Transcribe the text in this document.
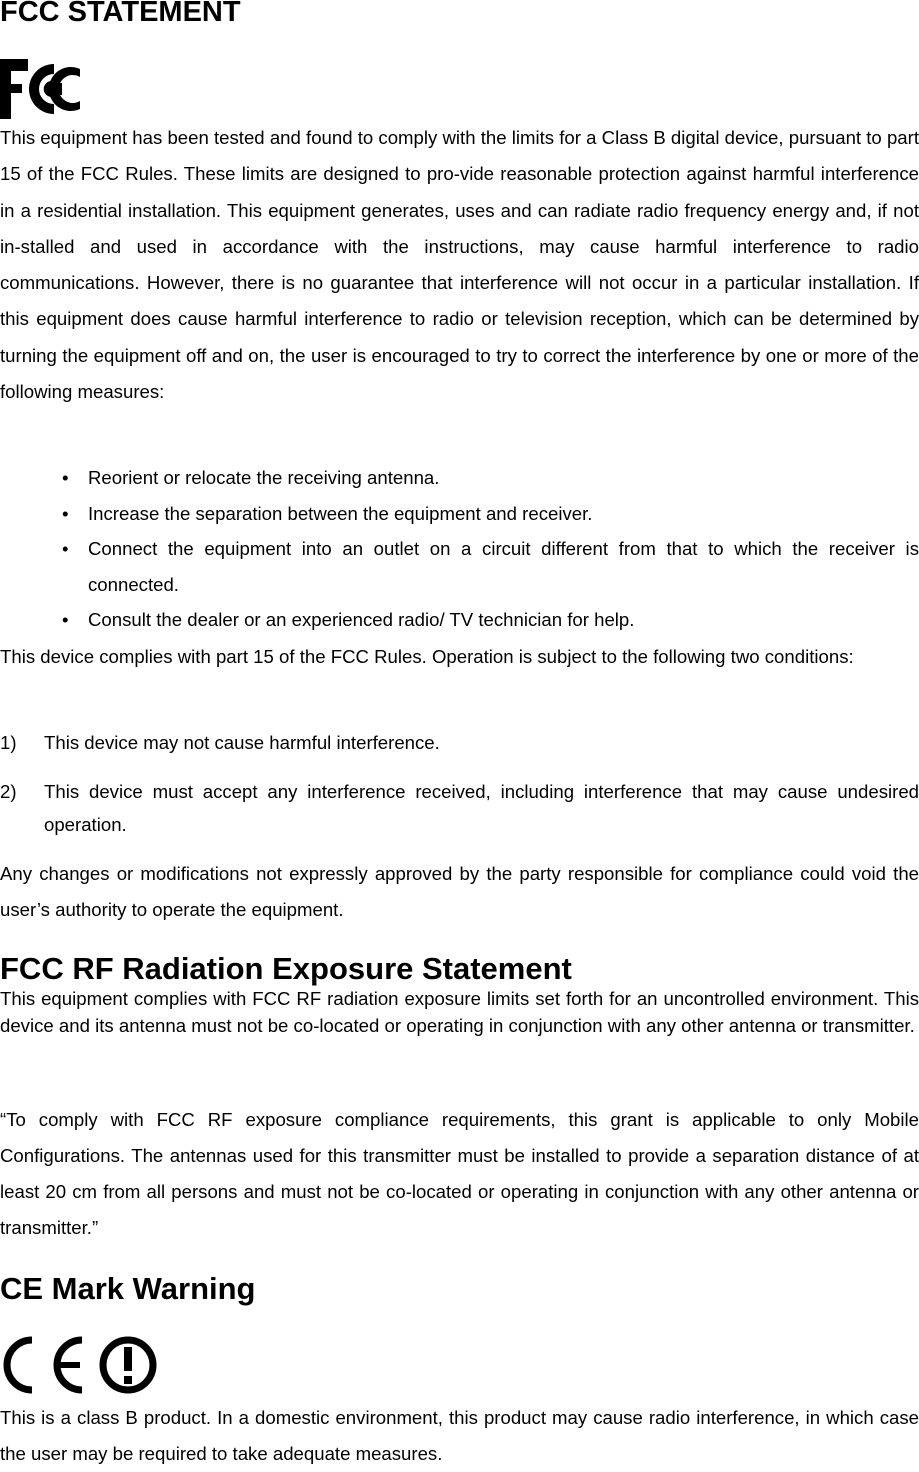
FCC STATEMENT

This equipment has been tested and found to comply with the limits for a Class B digital device, pursuant to part 15 of the FCC Rules. These limits are designed to pro-vide reasonable protection against harmful interference in a residential installation. This equipment generates, uses and can radiate radio frequency energy and, if not in-stalled and used in accordance with the instructions, may cause harmful interference to radio communications. However, there is no guarantee that interference will not occur in a particular installation. If this equipment does cause harmful interference to radio or television reception, which can be determined by turning the equipment off and on, the user is encouraged to try to correct the interference by one or more of the following measures:

• Reorient or relocate the receiving antenna.
• Increase the separation between the equipment and receiver.
• Connect the equipment into an outlet on a circuit different from that to which the receiver is connected.
• Consult the dealer or an experienced radio/ TV technician for help.

This device complies with part 15 of the FCC Rules. Operation is subject to the following two conditions:

1) This device may not cause harmful interference.
2) This device must accept any interference received, including interference that may cause undesired operation.

Any changes or modifications not expressly approved by the party responsible for compliance could void the user’s authority to operate the equipment.

FCC RF Radiation Exposure Statement

This equipment complies with FCC RF radiation exposure limits set forth for an uncontrolled environment. This device and its antenna must not be co-located or operating in conjunction with any other antenna or transmitter.

“To comply with FCC RF exposure compliance requirements, this grant is applicable to only Mobile Configurations. The antennas used for this transmitter must be installed to provide a separation distance of at least 20 cm from all persons and must not be co-located or operating in conjunction with any other antenna or transmitter.”

CE Mark Warning

This is a class B product. In a domestic environment, this product may cause radio interference, in which case the user may be required to take adequate measures.
